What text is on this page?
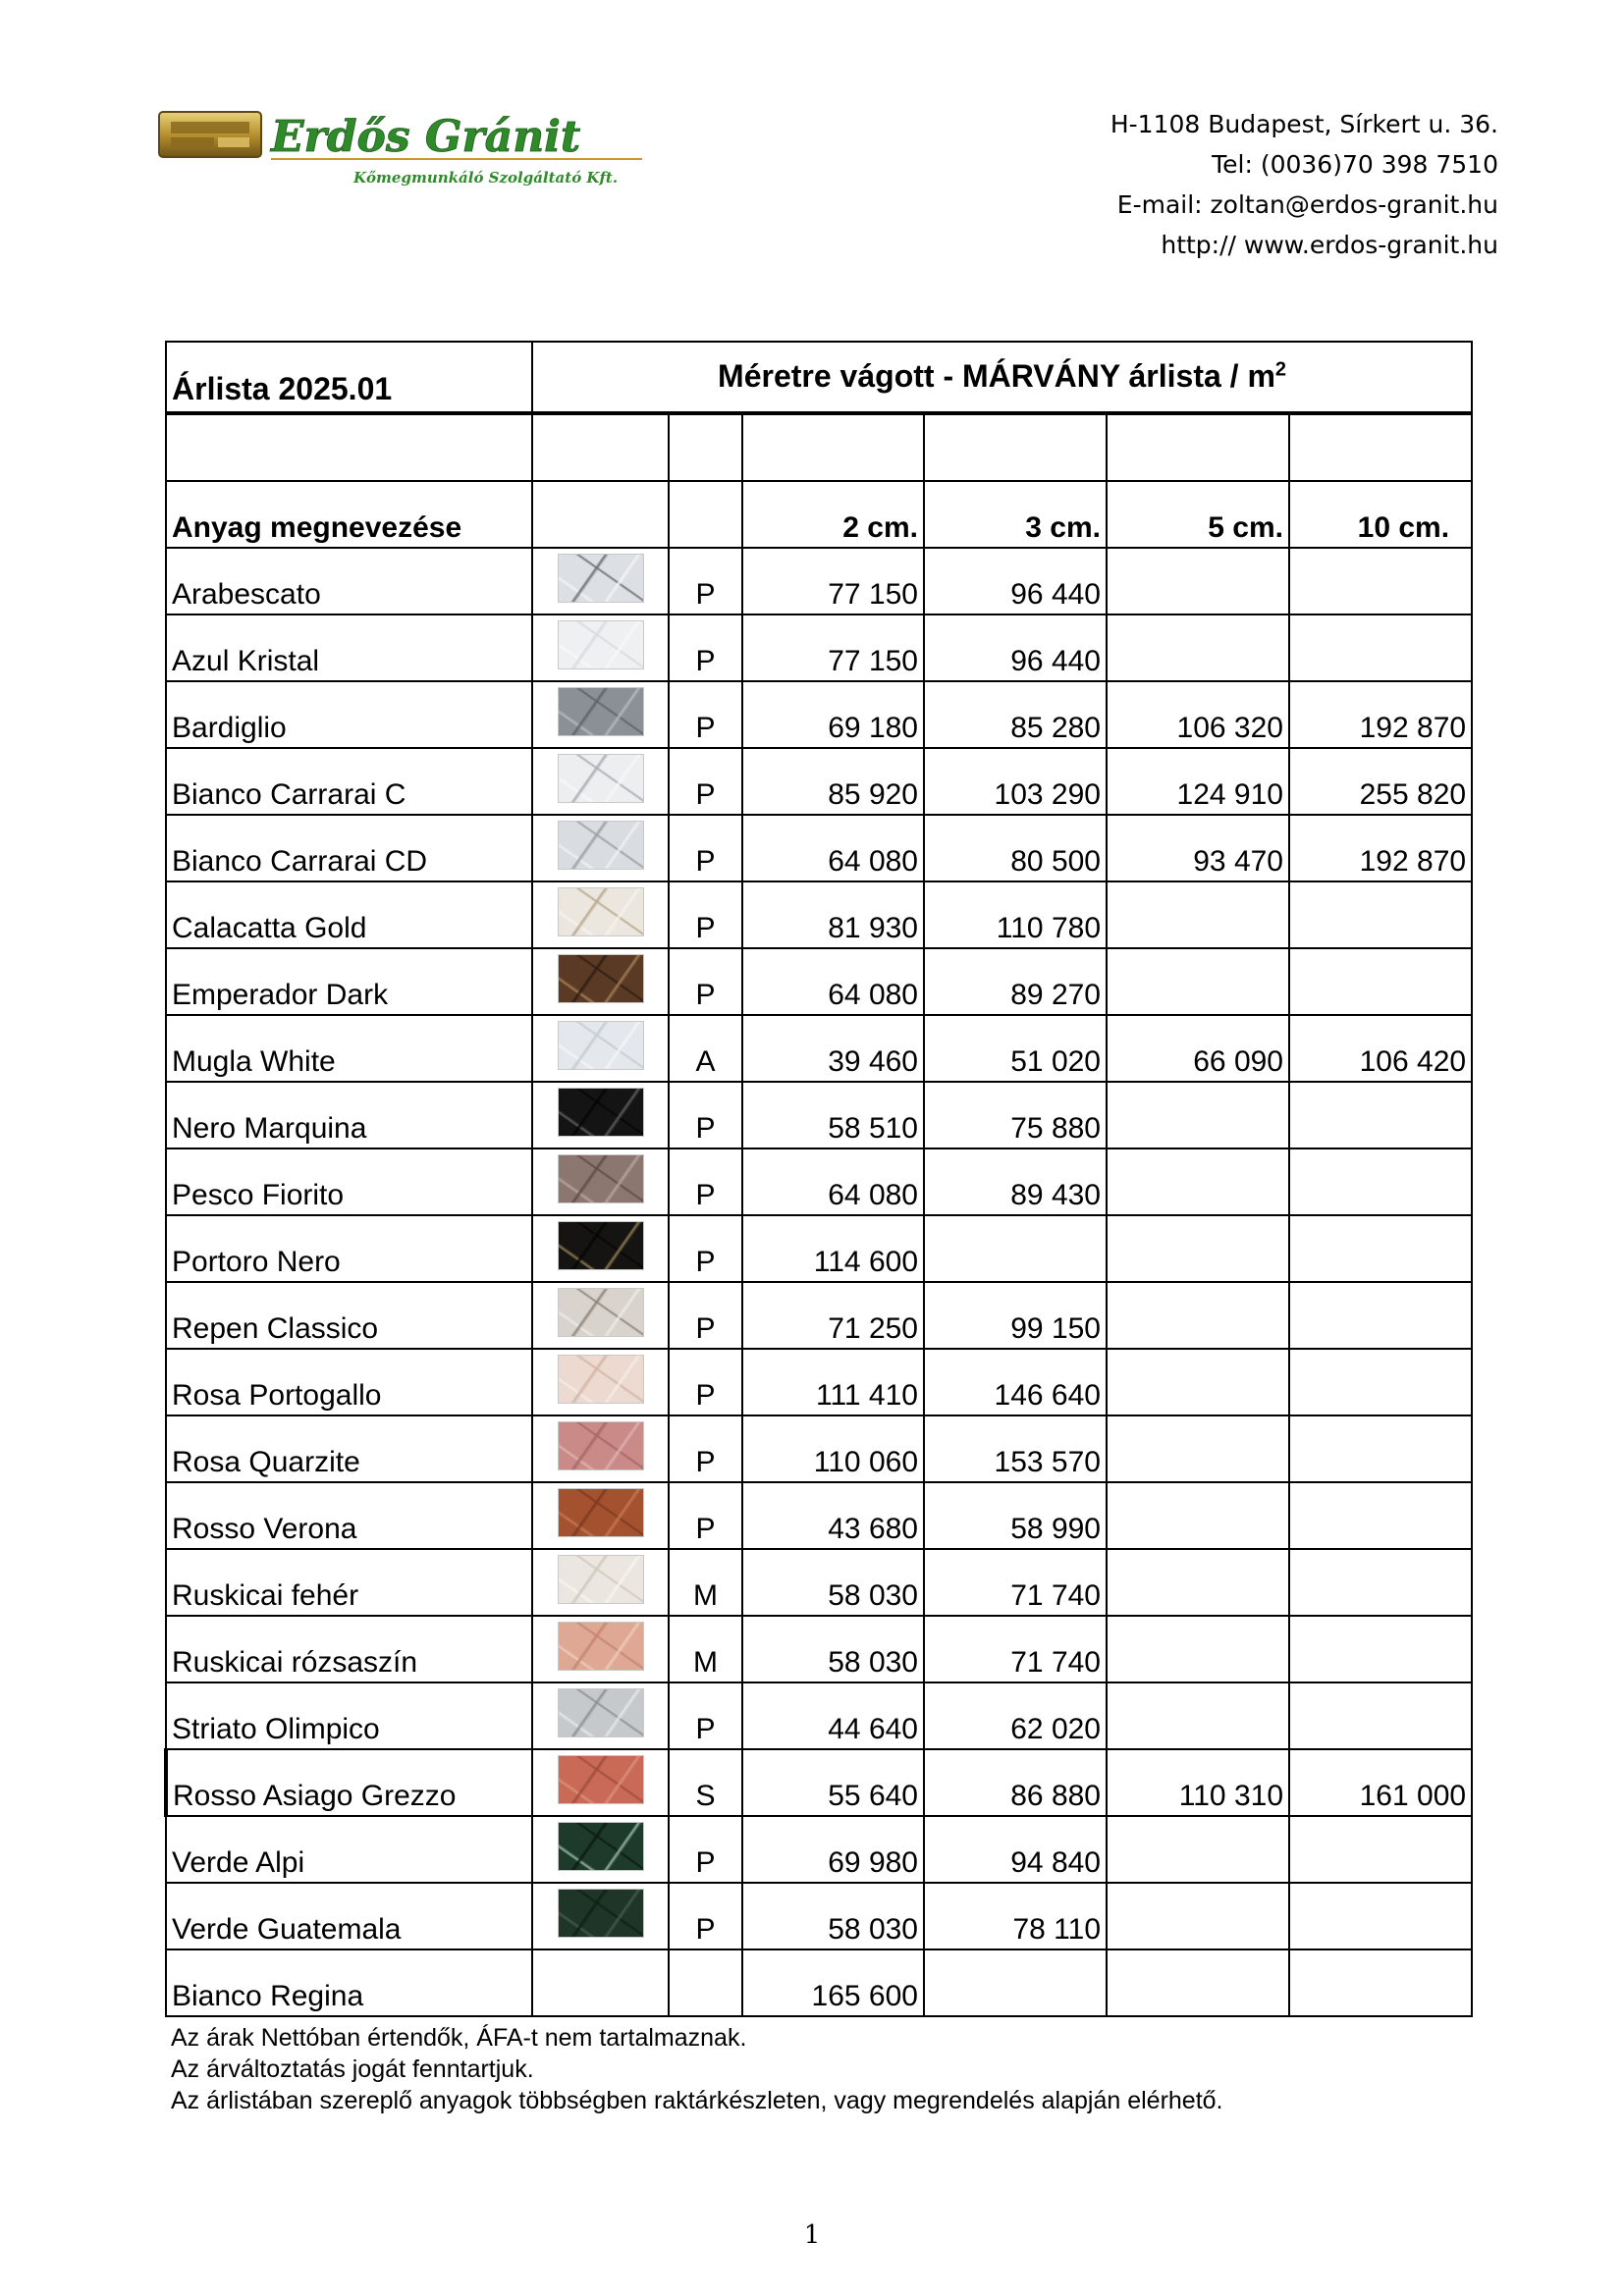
Erdős Gránit
Kőmegmunkáló Szolgáltató Kft.
H-1108 Budapest, Sírkert u. 36.
Tel: (0036)70 398 7510
E-mail: zoltan@erdos-granit.hu
http:// www.erdos-granit.hu
Árlista 2025.01	Méretre vágott - MÁRVÁNY árlista / $m^2$

Anyag megnevezése			2 cm.	3 cm.	5 cm.	10 cm.
Arabescato		P	77 150	96 440		
Azul Kristal		P	77 150	96 440		
Bardiglio		P	69 180	85 280	106 320	192 870
Bianco Carrarai C		P	85 920	103 290	124 910	255 820
Bianco Carrarai CD		P	64 080	80 500	93 470	192 870
Calacatta Gold		P	81 930	110 780		
Emperador Dark		P	64 080	89 270		
Mugla White		A	39 460	51 020	66 090	106 420
Nero Marquina		P	58 510	75 880		
Pesco Fiorito		P	64 080	89 430		
Portoro Nero		P	114 600			
Repen Classico		P	71 250	99 150		
Rosa Portogallo		P	111 410	146 640		
Rosa Quarzite		P	110 060	153 570		
Rosso Verona		P	43 680	58 990		
Ruskicai fehér		M	58 030	71 740		
Ruskicai rózsaszín		M	58 030	71 740		
Striato Olimpico		P	44 640	62 020		
Rosso Asiago Grezzo		S	55 640	86 880	110 310	161 000
Verde Alpi		P	69 980	94 840		
Verde Guatemala		P	58 030	78 110		
Bianco Regina			165 600			
Az árak Nettóban értendők, ÁFA-t nem tartalmaznak.
Az árváltoztatás jogát fenntartjuk.
Az árlistában szereplő anyagok többségben raktárkészleten, vagy megrendelés alapján elérhető.
1
